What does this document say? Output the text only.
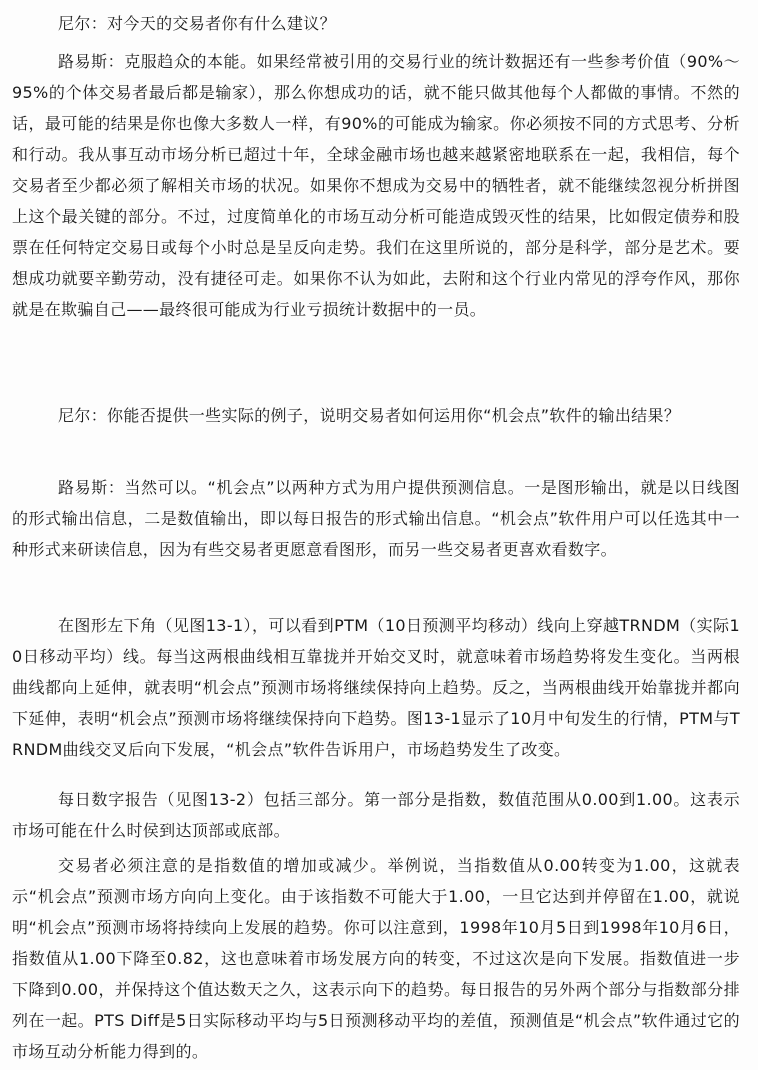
尼尔：对今天的交易者你有什么建议？

路易斯：克服趋众的本能。如果经常被引用的交易行业的统计数据还有一些参考价值（90%～95%的个体交易者最后都是输家），那么你想成功的话，就不能只做其他每个人都做的事情。不然的话，最可能的结果是你也像大多数人一样，有90%的可能成为输家。你必须按不同的方式思考、分析和行动。我从事互动市场分析已超过十年，全球金融市场也越来越紧密地联系在一起，我相信，每个交易者至少都必须了解相关市场的状况。如果你不想成为交易中的牺牲者，就不能继续忽视分析拼图上这个最关键的部分。不过，过度简单化的市场互动分析可能造成毁灭性的结果，比如假定债券和股票在任何特定交易日或每个小时总是呈反向走势。我们在这里所说的，部分是科学，部分是艺术。要想成功就要辛勤劳动，没有捷径可走。如果你不认为如此，去附和这个行业内常见的浮夸作风，那你就是在欺骗自己——最终很可能成为行业亏损统计数据中的一员。

尼尔：你能否提供一些实际的例子，说明交易者如何运用你“机会点”软件的输出结果？

路易斯：当然可以。“机会点”以两种方式为用户提供预测信息。一是图形输出，就是以日线图的形式输出信息，二是数值输出，即以每日报告的形式输出信息。“机会点”软件用户可以任选其中一种形式来研读信息，因为有些交易者更愿意看图形，而另一些交易者更喜欢看数字。

在图形左下角（见图13-1），可以看到PTM（10日预测平均移动）线向上穿越TRNDM（实际10日移动平均）线。每当这两根曲线相互靠拢并开始交叉时，就意味着市场趋势将发生变化。当两根曲线都向上延伸，就表明“机会点”预测市场将继续保持向上趋势。反之，当两根曲线开始靠拢并都向下延伸，表明“机会点”预测市场将继续保持向下趋势。图13-1显示了10月中旬发生的行情，PTM与TRNDM曲线交叉后向下发展，“机会点”软件告诉用户，市场趋势发生了改变。

每日数字报告（见图13-2）包括三部分。第一部分是指数，数值范围从0.00到1.00。这表示市场可能在什么时侯到达顶部或底部。

交易者必须注意的是指数值的增加或减少。举例说，当指数值从0.00转变为1.00，这就表示“机会点”预测市场方向向上变化。由于该指数不可能大于1.00，一旦它达到并停留在1.00，就说明“机会点”预测市场将持续向上发展的趋势。你可以注意到，1998年10月5日到1998年10月6日，指数值从1.00下降至0.82，这也意味着市场发展方向的转变，不过这次是向下发展。指数值进一步下降到0.00，并保持这个值达数天之久，这表示向下的趋势。每日报告的另外两个部分与指数部分排列在一起。PTS Diff是5日实际移动平均与5日预测移动平均的差值，预测值是“机会点”软件通过它的市场互动分析能力得到的。
